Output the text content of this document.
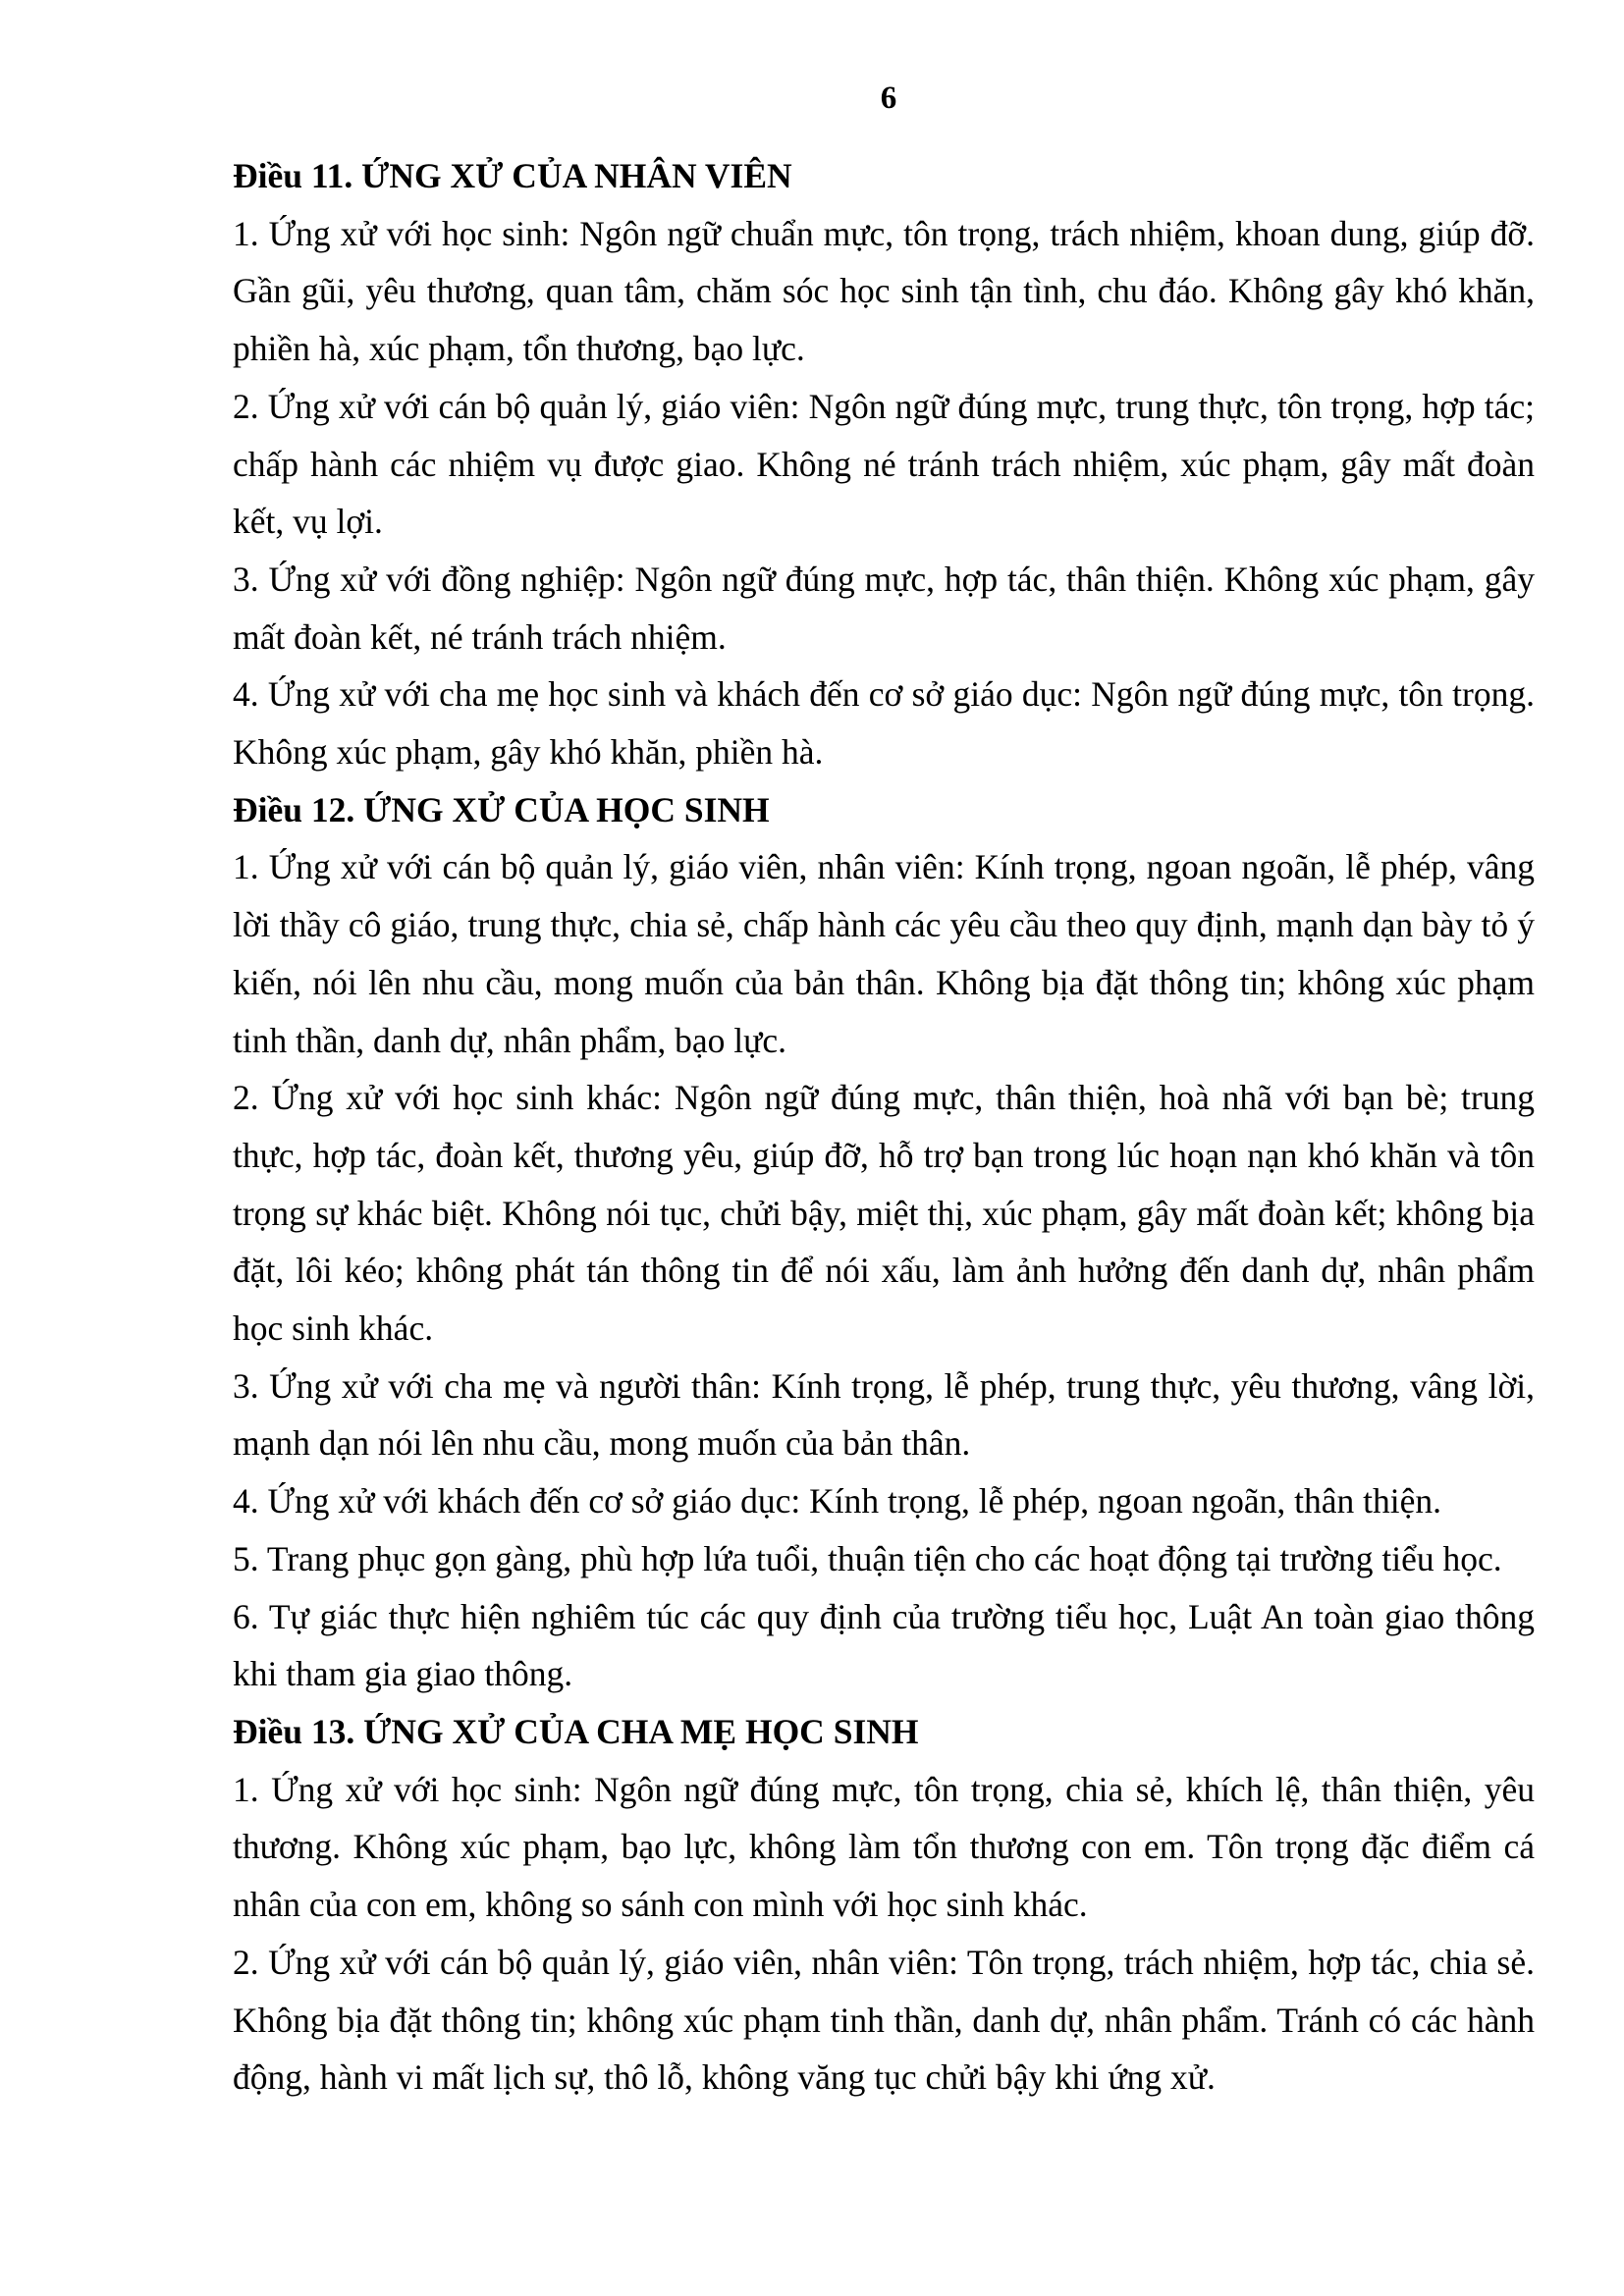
6

Điều 11. ỨNG XỬ CỦA NHÂN VIÊN

1. Ứng xử với học sinh: Ngôn ngữ chuẩn mực, tôn trọng, trách nhiệm, khoan dung, giúp đỡ. Gần gũi, yêu thương, quan tâm, chăm sóc học sinh tận tình, chu đáo. Không gây khó khăn, phiền hà, xúc phạm, tổn thương, bạo lực.

2. Ứng xử với cán bộ quản lý, giáo viên: Ngôn ngữ đúng mực, trung thực, tôn trọng, hợp tác; chấp hành các nhiệm vụ được giao. Không né tránh trách nhiệm, xúc phạm, gây mất đoàn kết, vụ lợi.

3. Ứng xử với đồng nghiệp: Ngôn ngữ đúng mực, hợp tác, thân thiện. Không xúc phạm, gây mất đoàn kết, né tránh trách nhiệm.

4. Ứng xử với cha mẹ học sinh và khách đến cơ sở giáo dục: Ngôn ngữ đúng mực, tôn trọng. Không xúc phạm, gây khó khăn, phiền hà.

Điều 12. ỨNG XỬ CỦA HỌC SINH

1. Ứng xử với cán bộ quản lý, giáo viên, nhân viên: Kính trọng, ngoan ngoãn, lễ phép, vâng lời thầy cô giáo, trung thực, chia sẻ, chấp hành các yêu cầu theo quy định, mạnh dạn bày tỏ ý kiến, nói lên nhu cầu, mong muốn của bản thân. Không bịa đặt thông tin; không xúc phạm tinh thần, danh dự, nhân phẩm, bạo lực.

2. Ứng xử với học sinh khác: Ngôn ngữ đúng mực, thân thiện, hoà nhã với bạn bè; trung thực, hợp tác, đoàn kết, thương yêu, giúp đỡ, hỗ trợ bạn trong lúc hoạn nạn khó khăn và tôn trọng sự khác biệt. Không nói tục, chửi bậy, miệt thị, xúc phạm, gây mất đoàn kết; không bịa đặt, lôi kéo; không phát tán thông tin để nói xấu, làm ảnh hưởng đến danh dự, nhân phẩm học sinh khác.

3. Ứng xử với cha mẹ và người thân: Kính trọng, lễ phép, trung thực, yêu thương, vâng lời, mạnh dạn nói lên nhu cầu, mong muốn của bản thân.

4. Ứng xử với khách đến cơ sở giáo dục: Kính trọng, lễ phép, ngoan ngoãn, thân thiện.

5. Trang phục gọn gàng, phù hợp lứa tuổi, thuận tiện cho các hoạt động tại trường tiểu học.

6. Tự giác thực hiện nghiêm túc các quy định của trường tiểu học, Luật An toàn giao thông khi tham gia giao thông.

Điều 13. ỨNG XỬ CỦA CHA MẸ HỌC SINH

1. Ứng xử với học sinh: Ngôn ngữ đúng mực, tôn trọng, chia sẻ, khích lệ, thân thiện, yêu thương. Không xúc phạm, bạo lực, không làm tổn thương con em. Tôn trọng đặc điểm cá nhân của con em, không so sánh con mình với học sinh khác.

2. Ứng xử với cán bộ quản lý, giáo viên, nhân viên: Tôn trọng, trách nhiệm, hợp tác, chia sẻ. Không bịa đặt thông tin; không xúc phạm tinh thần, danh dự, nhân phẩm. Tránh có các hành động, hành vi mất lịch sự, thô lỗ, không văng tục chửi bậy khi ứng xử.
